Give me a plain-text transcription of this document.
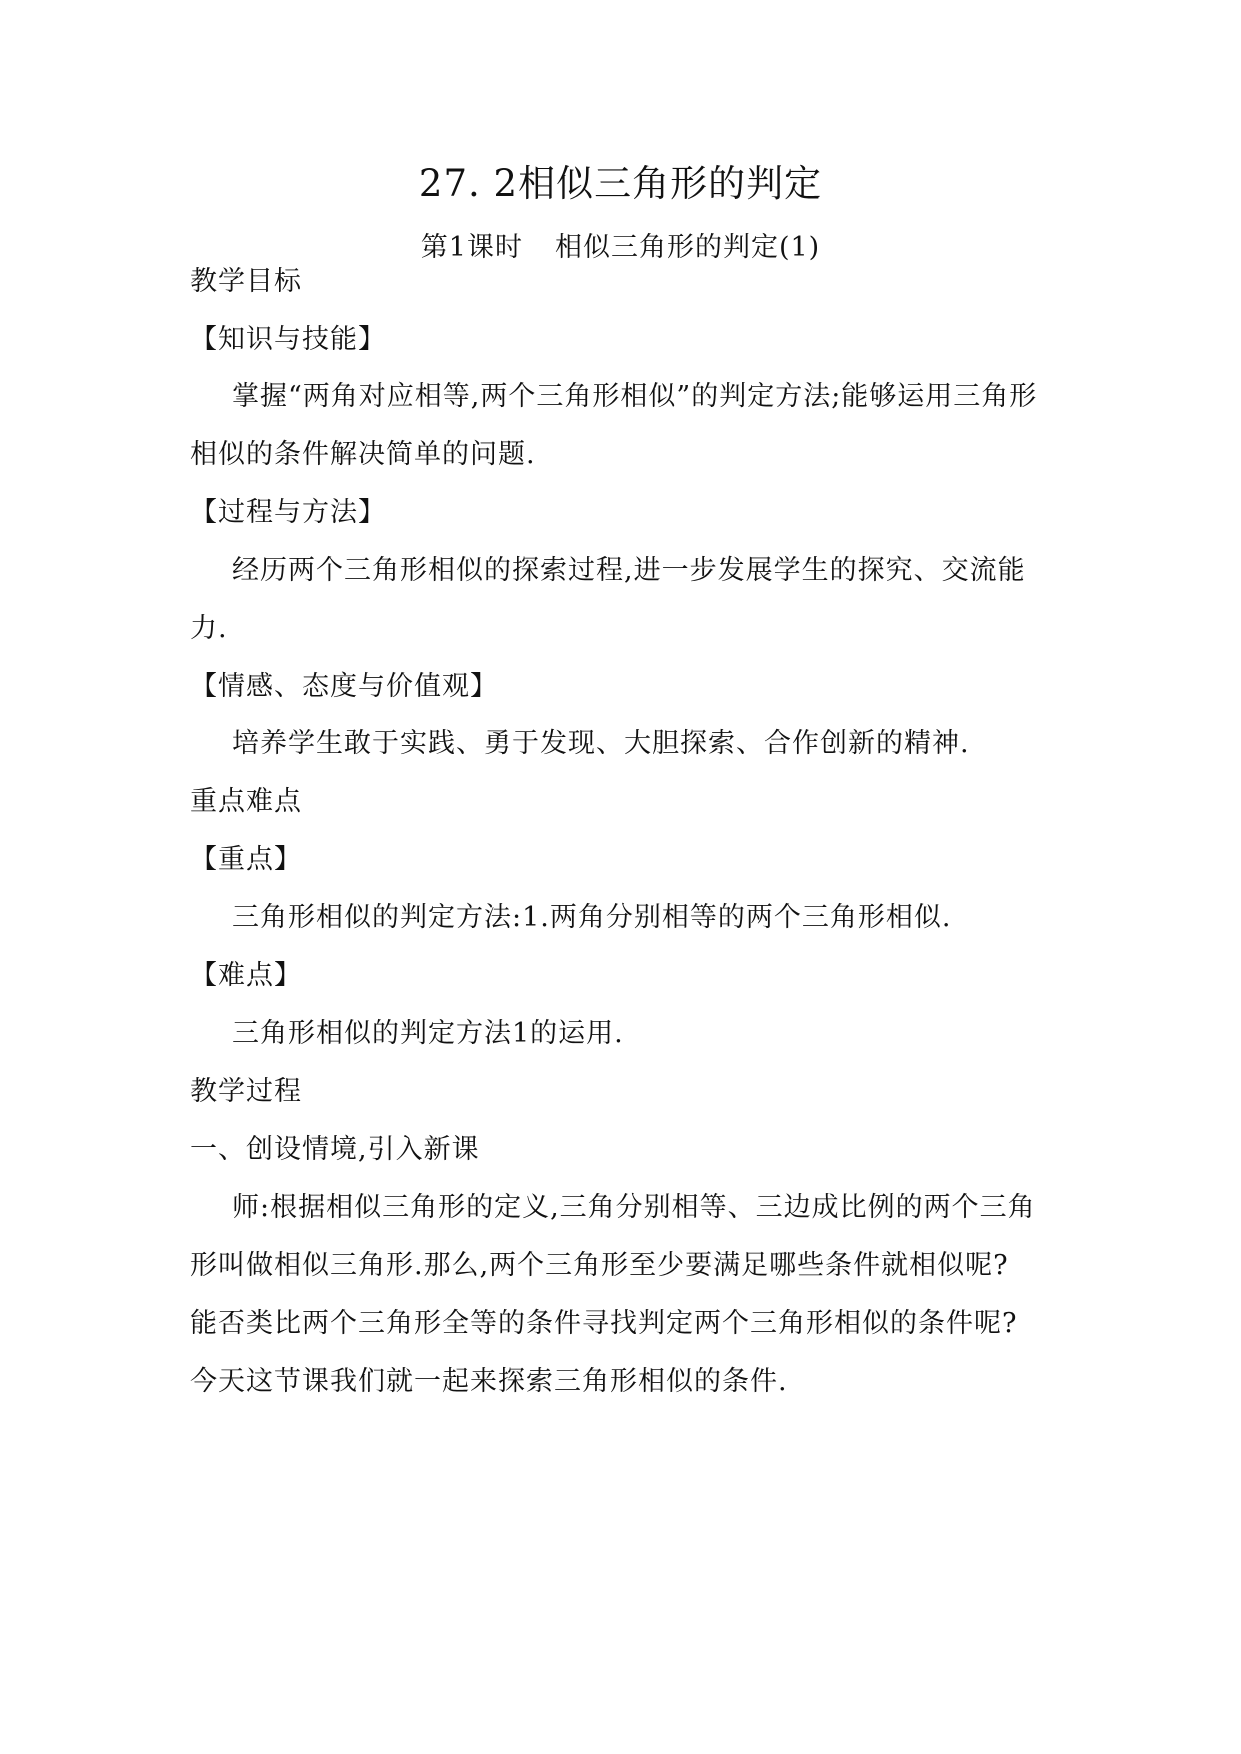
27. 2相似三角形的判定
第1课时 相似三角形的判定(1)
教学目标
【知识与技能】
掌握“两角对应相等,两个三角形相似”的判定方法;能够运用三角形
相似的条件解决简单的问题.
【过程与方法】
经历两个三角形相似的探索过程,进一步发展学生的探究、交流能
力.
【情感、态度与价值观】
培养学生敢于实践、勇于发现、大胆探索、合作创新的精神.
重点难点
【重点】
三角形相似的判定方法:1.两角分别相等的两个三角形相似.
【难点】
三角形相似的判定方法1的运用.
教学过程
一、创设情境,引入新课
师:根据相似三角形的定义,三角分别相等、三边成比例的两个三角
形叫做相似三角形.那么,两个三角形至少要满足哪些条件就相似呢?
能否类比两个三角形全等的条件寻找判定两个三角形相似的条件呢?
今天这节课我们就一起来探索三角形相似的条件.
